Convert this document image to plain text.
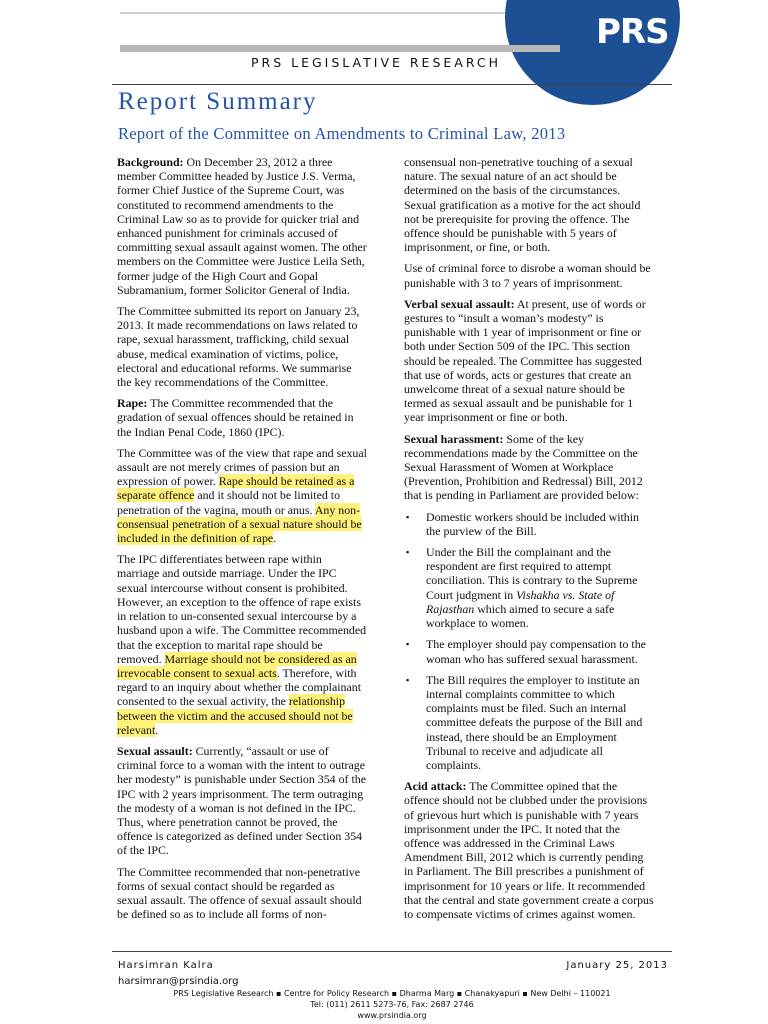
PRS
PRS LEGISLATIVE RESEARCH
Report Summary
Report of the Committee on Amendments to Criminal Law, 2013

Background: On December 23, 2012 a three member Committee headed by Justice J.S. Verma, former Chief Justice of the Supreme Court, was constituted to recommend amendments to the Criminal Law so as to provide for quicker trial and enhanced punishment for criminals accused of committing sexual assault against women. The other members on the Committee were Justice Leila Seth, former judge of the High Court and Gopal Subramanium, former Solicitor General of India.

The Committee submitted its report on January 23, 2013. It made recommendations on laws related to rape, sexual harassment, trafficking, child sexual abuse, medical examination of victims, police, electoral and educational reforms. We summarise the key recommendations of the Committee.

Rape: The Committee recommended that the gradation of sexual offences should be retained in the Indian Penal Code, 1860 (IPC).

The Committee was of the view that rape and sexual assault are not merely crimes of passion but an expression of power. Rape should be retained as a separate offence and it should not be limited to penetration of the vagina, mouth or anus. Any non-consensual penetration of a sexual nature should be included in the definition of rape.

The IPC differentiates between rape within marriage and outside marriage. Under the IPC sexual intercourse without consent is prohibited. However, an exception to the offence of rape exists in relation to un-consented sexual intercourse by a husband upon a wife. The Committee recommended that the exception to marital rape should be removed. Marriage should not be considered as an irrevocable consent to sexual acts. Therefore, with regard to an inquiry about whether the complainant consented to the sexual activity, the relationship between the victim and the accused should not be relevant.

Sexual assault: Currently, “assault or use of criminal force to a woman with the intent to outrage her modesty” is punishable under Section 354 of the IPC with 2 years imprisonment. The term outraging the modesty of a woman is not defined in the IPC. Thus, where penetration cannot be proved, the offence is categorized as defined under Section 354 of the IPC.

The Committee recommended that non-penetrative forms of sexual contact should be regarded as sexual assault. The offence of sexual assault should be defined so as to include all forms of non-

consensual non-penetrative touching of a sexual nature. The sexual nature of an act should be determined on the basis of the circumstances. Sexual gratification as a motive for the act should not be prerequisite for proving the offence. The offence should be punishable with 5 years of imprisonment, or fine, or both.

Use of criminal force to disrobe a woman should be punishable with 3 to 7 years of imprisonment.

Verbal sexual assault: At present, use of words or gestures to “insult a woman’s modesty” is punishable with 1 year of imprisonment or fine or both under Section 509 of the IPC. This section should be repealed. The Committee has suggested that use of words, acts or gestures that create an unwelcome threat of a sexual nature should be termed as sexual assault and be punishable for 1 year imprisonment or fine or both.

Sexual harassment: Some of the key recommendations made by the Committee on the Sexual Harassment of Women at Workplace (Prevention, Prohibition and Redressal) Bill, 2012 that is pending in Parliament are provided below:

▪ Domestic workers should be included within the purview of the Bill.
▪ Under the Bill the complainant and the respondent are first required to attempt conciliation. This is contrary to the Supreme Court judgment in Vishakha vs. State of Rajasthan which aimed to secure a safe workplace to women.
▪ The employer should pay compensation to the woman who has suffered sexual harassment.
▪ The Bill requires the employer to institute an internal complaints committee to which complaints must be filed. Such an internal committee defeats the purpose of the Bill and instead, there should be an Employment Tribunal to receive and adjudicate all complaints.

Acid attack: The Committee opined that the offence should not be clubbed under the provisions of grievous hurt which is punishable with 7 years imprisonment under the IPC. It noted that the offence was addressed in the Criminal Laws Amendment Bill, 2012 which is currently pending in Parliament. The Bill prescribes a punishment of imprisonment for 10 years or life. It recommended that the central and state government create a corpus to compensate victims of crimes against women.

Harsimran Kalra
harsimran@prsindia.org
January 25, 2013
PRS Legislative Research ▪ Centre for Policy Research ▪ Dharma Marg ▪ Chanakyapuri ▪ New Delhi – 110021
Tel: (011) 2611 5273-76, Fax: 2687 2746
www.prsindia.org
